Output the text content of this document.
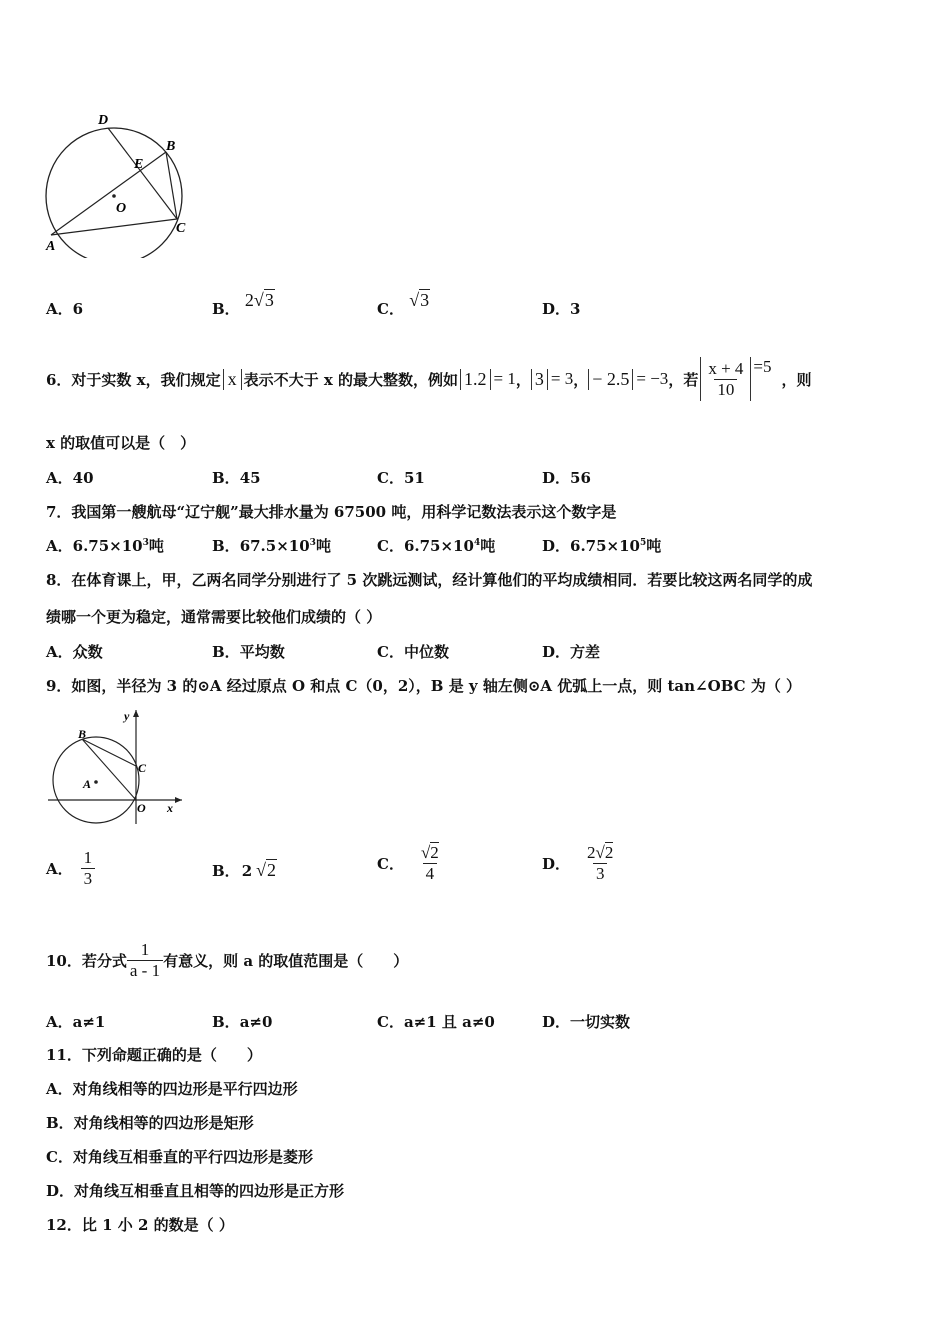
D
B
E
O
C
A
A．6	B． 2√3	C． √3	D．3
6．对于实数 x，我们规定 x 表示不大于 x 的最大整数，例如 1.2 = 1 ， 3 = 3 ， − 2.5 = −3 ，若 $\frac{x + 4}{10} =5$
，则
x 的取值可以是（　）
A．40	B．45	C．51	D．56
7．我国第一艘航母“辽宁舰”最大排水量为 67500 吨，用科学记数法表示这个数字是
A．$6.75\times 10^3$吨	B．$67.5\times 10^3$吨	C．$6.75\times 10^4$吨	D．$6.75\times 10^5$吨
8．在体育课上，甲，乙两名同学分别进行了 5 次跳远测试，经计算他们的平均成绩相同．若要比较这两名同学的成
绩哪一个更为稳定，通常需要比较他们成绩的（ ）
A．众数	B．平均数	C．中位数	D．方差
9．如图，半径为 3 的⊙A 经过原点 O 和点 C（0，2），B 是 y 轴左侧⊙A 优弧上一点，则 tan∠OBC 为（ ）
y
B
C
A
O x
A． $\frac{1}{3}$	B． 2 √2	C． $\frac{√2}{4}$	D． $\frac{2√2}{3}$
10．若分式 $\frac{1}{a - 1}$ 有意义，则 a 的取值范围是（　　）
A．a≠1	B．a≠0	C．a≠1 且 a≠0	D．一切实数
11．下列命题正确的是（　　）
A．对角线相等的四边形是平行四边形
B．对角线相等的四边形是矩形
C．对角线互相垂直的平行四边形是菱形
D．对角线互相垂直且相等的四边形是正方形
12．比 1 小 2 的数是（ ）
